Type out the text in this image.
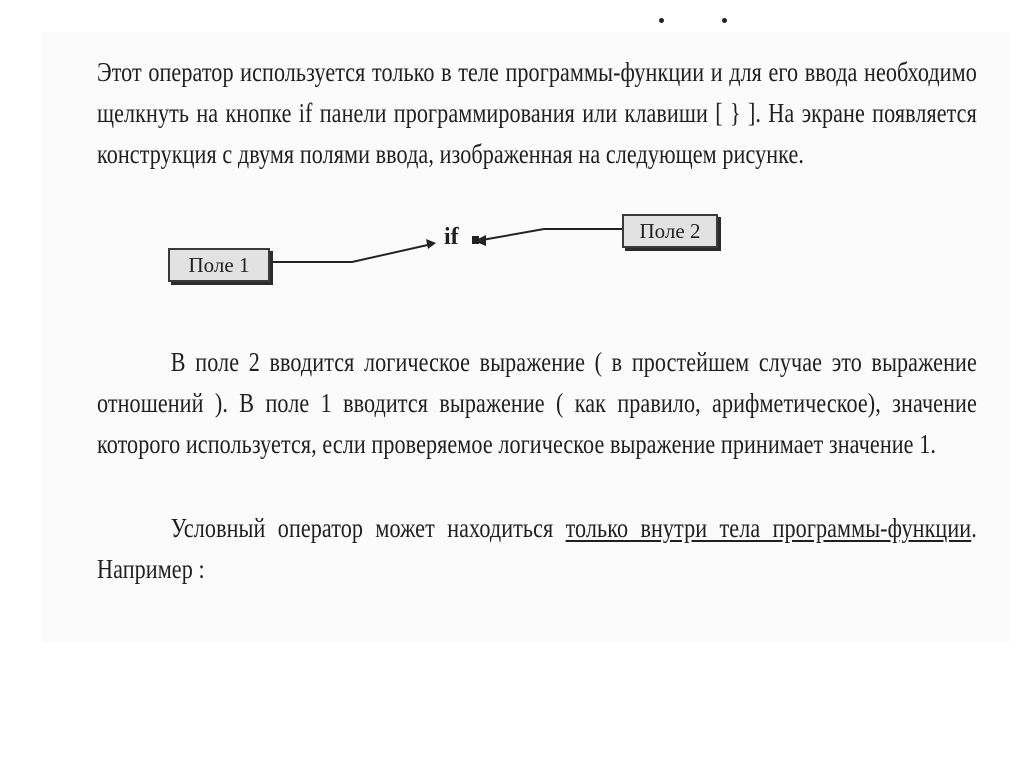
Этот оператор используется только в теле программы-функции и для его ввода необходимо щелкнуть на кнопке if панели программирования или клавиши [ } ]. На экране появляется конструкция с двумя полями ввода, изображенная на следующем рисунке.
Поле 1
Поле 2
if
В поле 2 вводится логическое выражение ( в простейшем случае это выражение отношений ). В поле 1 вводится выражение ( как правило, арифметическое), значение которого используется, если проверяемое логическое выражение принимает значение 1.
Условный оператор может находиться только внутри тела программы-функции. Например :
